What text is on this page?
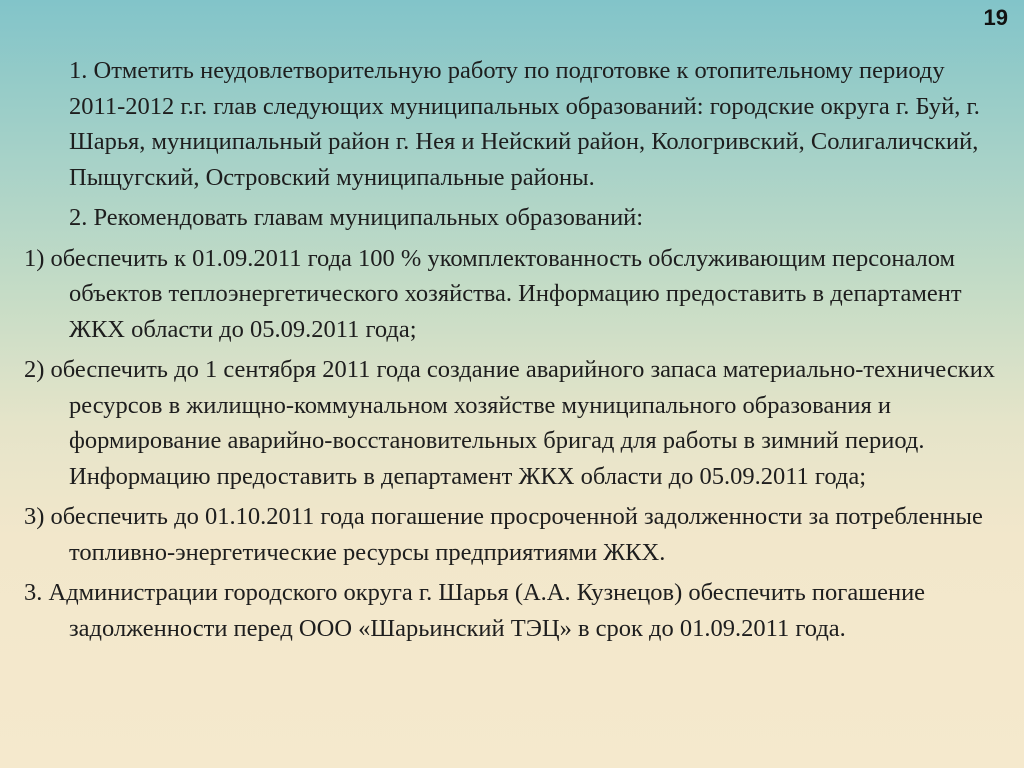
19

1. Отметить неудовлетворительную работу по подготовке к отопительному периоду 2011-2012 г.г. глав следующих муниципальных образований: городские округа г. Буй, г. Шарья, муниципальный район г. Нея и Нейский район, Кологривский, Солигаличский, Пыщугский, Островский муниципальные районы.

2. Рекомендовать главам муниципальных образований:

1) обеспечить к 01.09.2011 года 100 % укомплектованность обслуживающим персоналом объектов теплоэнергетического хозяйства. Информацию предоставить в департамент ЖКХ области до 05.09.2011 года;

2) обеспечить до 1 сентября 2011 года создание аварийного запаса материально-технических ресурсов в жилищно-коммунальном хозяйстве муниципального образования и формирование аварийно-восстановительных бригад для работы в зимний период. Информацию предоставить в департамент ЖКХ области до 05.09.2011 года;

3) обеспечить до 01.10.2011 года погашение просроченной задолженности за потребленные топливно-энергетические ресурсы предприятиями ЖКХ.

3. Администрации городского округа г. Шарья (А.А. Кузнецов) обеспечить погашение задолженности перед ООО «Шарьинский ТЭЦ» в срок до 01.09.2011 года.
